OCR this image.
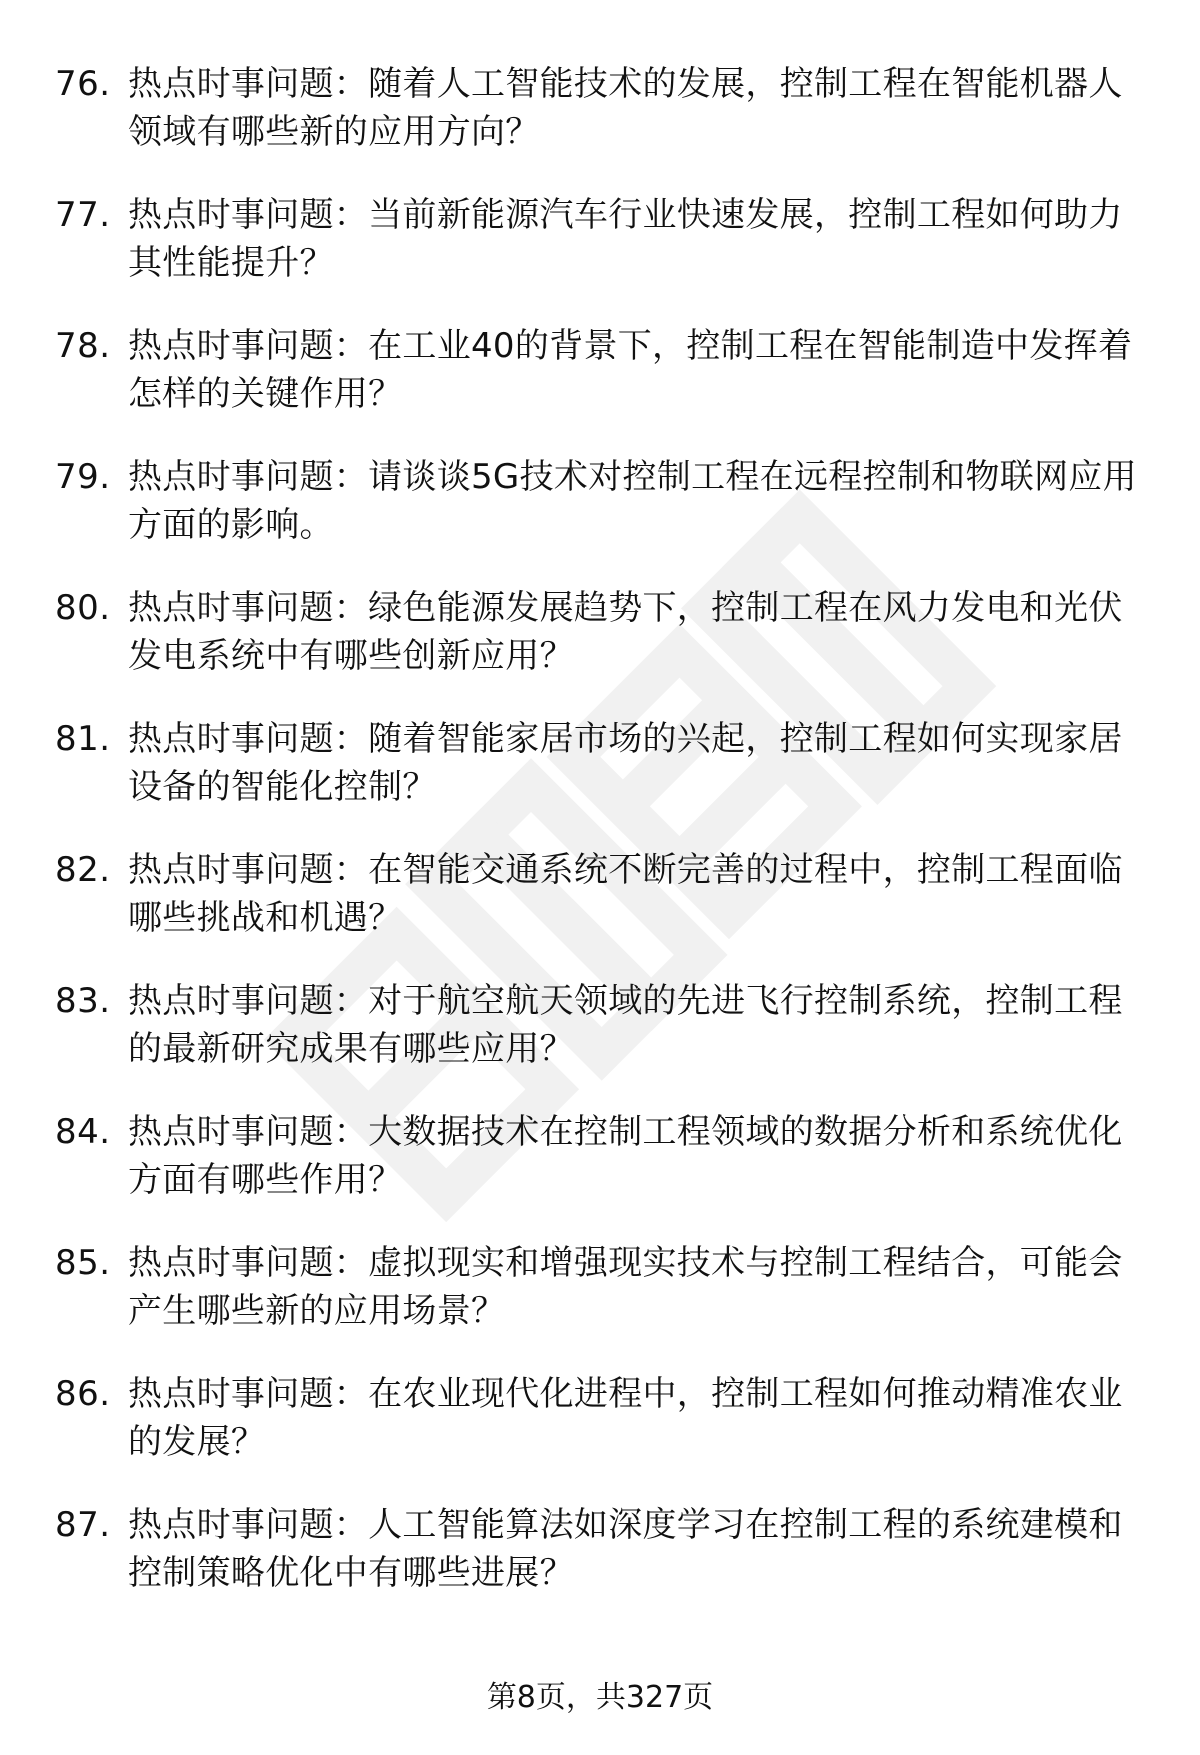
76. 热点时事问题：随着人工智能技术的发展，控制工程在智能机器人领域有哪些新的应用方向？
77. 热点时事问题：当前新能源汽车行业快速发展，控制工程如何助力其性能提升？
78. 热点时事问题：在工业40的背景下，控制工程在智能制造中发挥着怎样的关键作用？
79. 热点时事问题：请谈谈5G技术对控制工程在远程控制和物联网应用方面的影响。
80. 热点时事问题：绿色能源发展趋势下，控制工程在风力发电和光伏发电系统中有哪些创新应用？
81. 热点时事问题：随着智能家居市场的兴起，控制工程如何实现家居设备的智能化控制？
82. 热点时事问题：在智能交通系统不断完善的过程中，控制工程面临哪些挑战和机遇？
83. 热点时事问题：对于航空航天领域的先进飞行控制系统，控制工程的最新研究成果有哪些应用？
84. 热点时事问题：大数据技术在控制工程领域的数据分析和系统优化方面有哪些作用？
85. 热点时事问题：虚拟现实和增强现实技术与控制工程结合，可能会产生哪些新的应用场景？
86. 热点时事问题：在农业现代化进程中，控制工程如何推动精准农业的发展？
87. 热点时事问题：人工智能算法如深度学习在控制工程的系统建模和控制策略优化中有哪些进展？
第8页，共327页
